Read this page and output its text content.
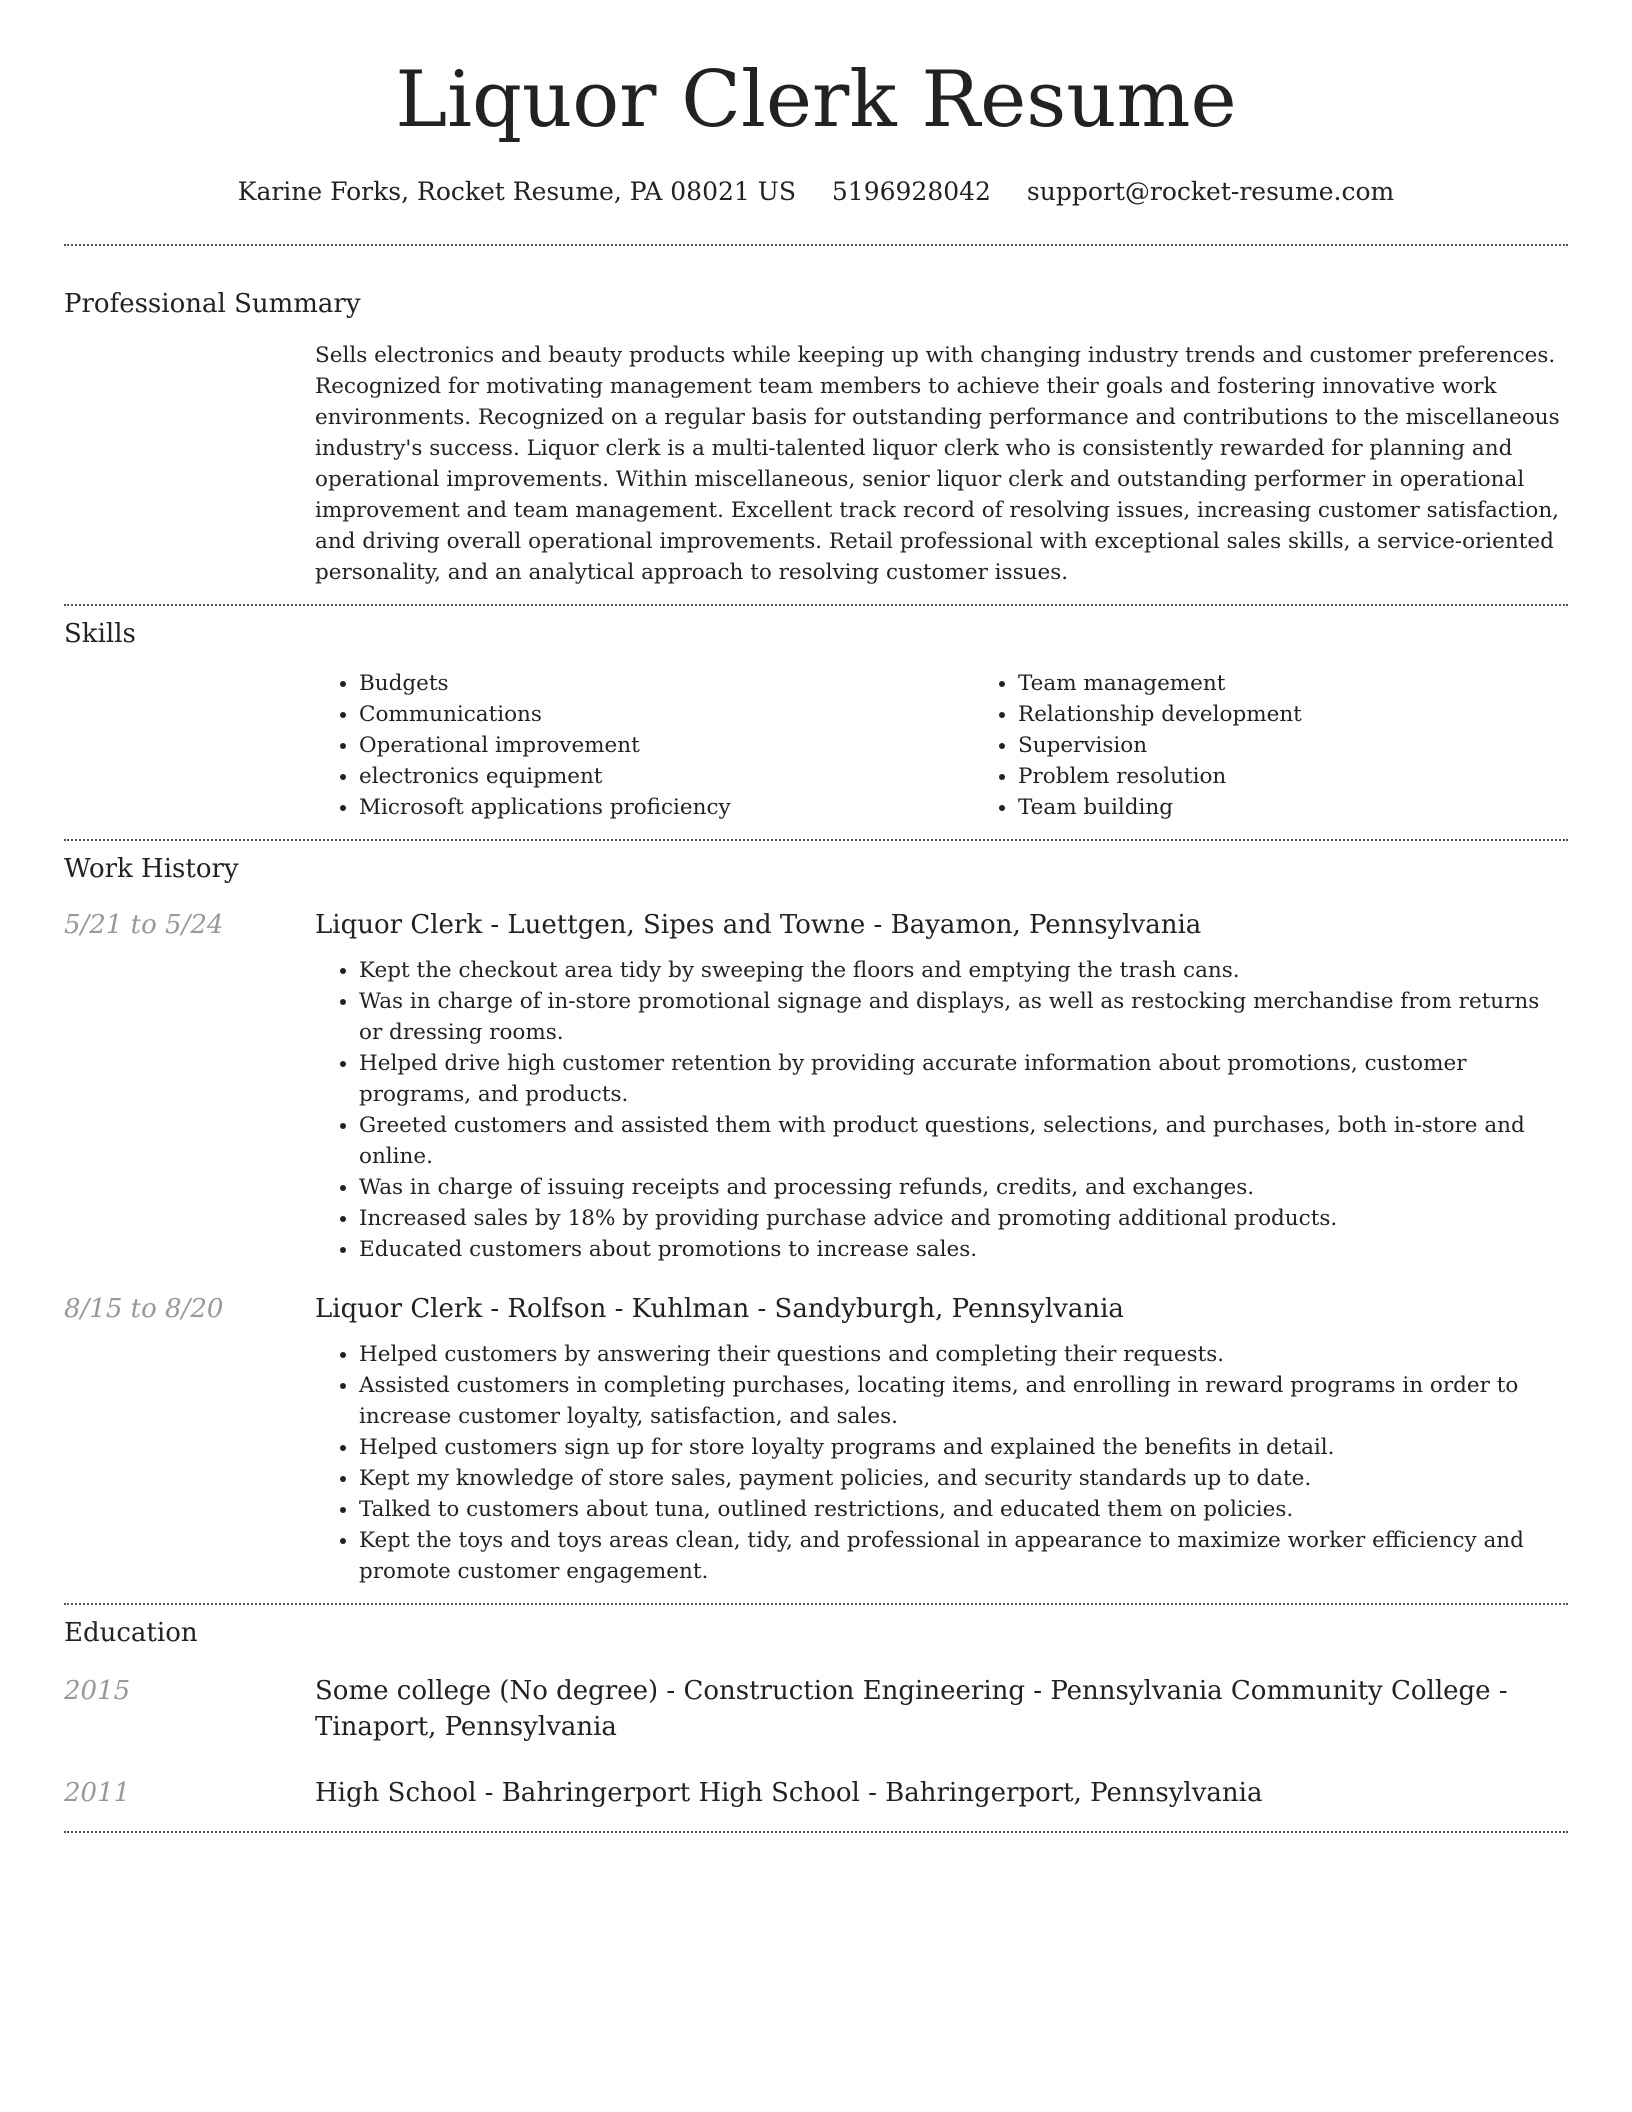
Liquor Clerk Resume
Karine Forks, Rocket Resume, PA 08021 US 5196928042 support@rocket-resume.com
Professional Summary

Sells electronics and beauty products while keeping up with changing industry trends and customer preferences. Recognized for motivating management team members to achieve their goals and fostering innovative work environments. Recognized on a regular basis for outstanding performance and contributions to the miscellaneous industry's success. Liquor clerk is a multi-talented liquor clerk who is consistently rewarded for planning and operational improvements. Within miscellaneous, senior liquor clerk and outstanding performer in operational improvement and team management. Excellent track record of resolving issues, increasing customer satisfaction, and driving overall operational improvements. Retail professional with exceptional sales skills, a service-oriented personality, and an analytical approach to resolving customer issues.

Skills
• Budgets
• Communications
• Operational improvement
• electronics equipment
• Microsoft applications proficiency
• Team management
• Relationship development
• Supervision
• Problem resolution
• Team building
Work History
5/21 to 5/24	Liquor Clerk - Luettgen, Sipes and Towne - Bayamon, Pennsylvania

• Kept the checkout area tidy by sweeping the floors and emptying the trash cans.
• Was in charge of in-store promotional signage and displays, as well as restocking merchandise from returns or dressing rooms.
• Helped drive high customer retention by providing accurate information about promotions, customer programs, and products.
• Greeted customers and assisted them with product questions, selections, and purchases, both in-store and online.
• Was in charge of issuing receipts and processing refunds, credits, and exchanges.
• Increased sales by 18% by providing purchase advice and promoting additional products.
• Educated customers about promotions to increase sales.
8/15 to 8/20	Liquor Clerk - Rolfson - Kuhlman - Sandyburgh, Pennsylvania

• Helped customers by answering their questions and completing their requests.
• Assisted customers in completing purchases, locating items, and enrolling in reward programs in order to increase customer loyalty, satisfaction, and sales.
• Helped customers sign up for store loyalty programs and explained the benefits in detail.
• Kept my knowledge of store sales, payment policies, and security standards up to date.
• Talked to customers about tuna, outlined restrictions, and educated them on policies.
• Kept the toys and toys areas clean, tidy, and professional in appearance to maximize worker efficiency and promote customer engagement.
Education
2015	Some college (No degree) - Construction Engineering - Pennsylvania Community College - Tinaport, Pennsylvania

2011	High School - Bahringerport High School - Bahringerport, Pennsylvania
